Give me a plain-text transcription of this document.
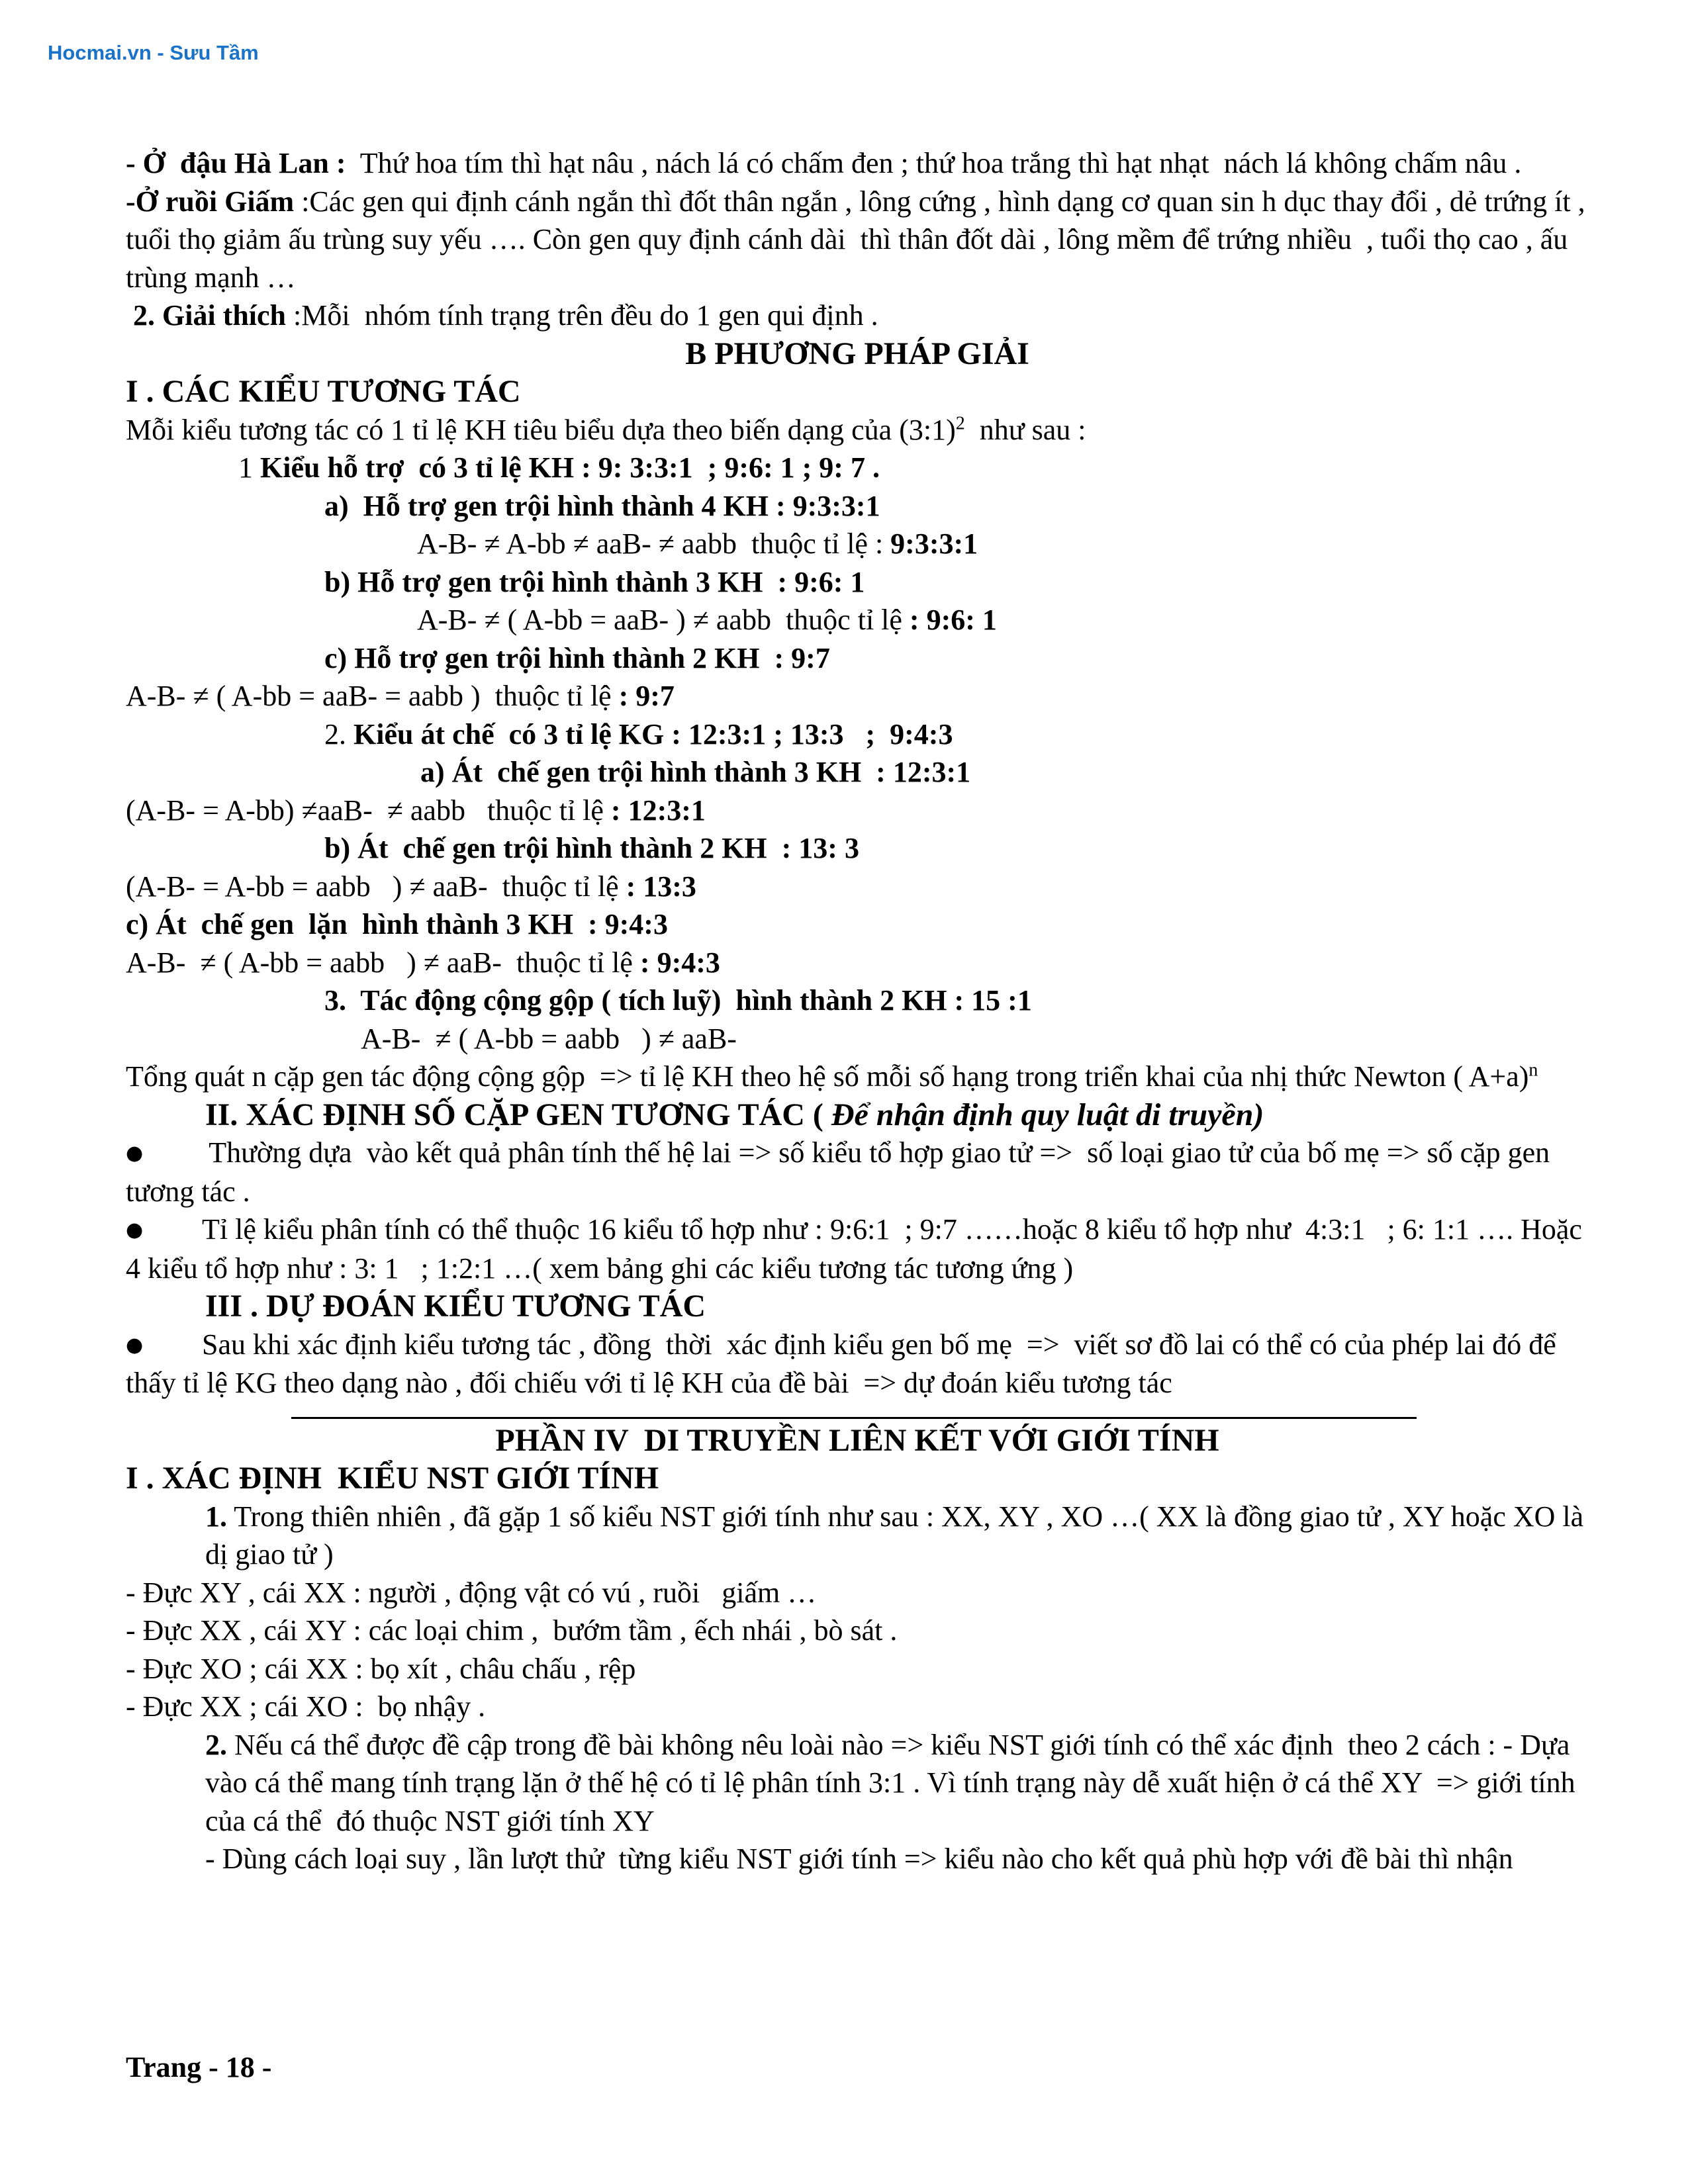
Hocmai.vn - Sưu Tầm

- Ở  đậu Hà Lan :  Thứ hoa tím thì hạt nâu , nách lá có chấm đen ; thứ hoa trắng thì hạt nhạt  nách lá không chấm nâu .

-Ở ruồi Giấm :Các gen qui định cánh ngắn thì đốt thân ngắn , lông cứng , hình dạng cơ quan sin h dục thay đổi , dẻ trứng ít , tuổi thọ giảm ấu trùng suy yếu …. Còn gen quy định cánh dài  thì thân đốt dài , lông mềm để trứng nhiều  , tuổi thọ cao , ấu trùng mạnh …

2. Giải thích :Mỗi  nhóm tính trạng trên đều do 1 gen qui định .

B PHƯƠNG PHÁP GIẢI

I . CÁC KIỂU TƯƠNG TÁC

Mỗi kiểu tương tác có 1 tỉ lệ KH tiêu biểu dựa theo biến dạng của (3:1)$^2$  như sau :

1 Kiểu hỗ trợ  có 3 tỉ lệ KH : 9: 3:3:1  ; 9:6: 1 ; 9: 7 .

a)  Hỗ trợ gen trội hình thành 4 KH : 9:3:3:1

A-B- ≠ A-bb ≠ aaB- ≠ aabb  thuộc tỉ lệ : 9:3:3:1

b) Hỗ trợ gen trội hình thành 3 KH  : 9:6: 1

A-B- ≠ ( A-bb = aaB- ) ≠ aabb  thuộc tỉ lệ : 9:6: 1

c) Hỗ trợ gen trội hình thành 2 KH  : 9:7

A-B- ≠ ( A-bb = aaB- = aabb )  thuộc tỉ lệ : 9:7

2. Kiểu át chế  có 3 tỉ lệ KG : 12:3:1 ; 13:3   ;  9:4:3

a) Át  chế gen trội hình thành 3 KH  : 12:3:1

(A-B- = A-bb) ≠aaB-  ≠ aabb   thuộc tỉ lệ : 12:3:1

b) Át  chế gen trội hình thành 2 KH  : 13: 3

(A-B- = A-bb = aabb   ) ≠ aaB-  thuộc tỉ lệ : 13:3

c) Át  chế gen  lặn  hình thành 3 KH  : 9:4:3

A-B-  ≠ ( A-bb = aabb   ) ≠ aaB-  thuộc tỉ lệ : 9:4:3

3.  Tác động cộng gộp ( tích luỹ)  hình thành 2 KH : 15 :1

A-B-  ≠ ( A-bb = aabb   ) ≠ aaB-

Tổng quát n cặp gen tác động cộng gộp  => tỉ lệ KH theo hệ số mỗi số hạng trong triển khai của nhị thức Newton ( A+a)$^n$

II. XÁC ĐỊNH SỐ CẶP GEN TƯƠNG TÁC ( Để nhận định quy luật di truyền)

● Thường dựa  vào kết quả phân tính thế hệ lai => số kiểu tổ hợp giao tử =>  số loại giao tử của bố mẹ => số cặp gen tương tác .

● Tỉ lệ kiểu phân tính có thể thuộc 16 kiểu tổ hợp như : 9:6:1  ; 9:7 ……hoặc 8 kiểu tổ hợp như  4:3:1   ; 6: 1:1 …. Hoặc 4 kiểu tổ hợp như : 3: 1   ; 1:2:1 …( xem bảng ghi các kiểu tương tác tương ứng )

III . DỰ ĐOÁN KIỂU TƯƠNG TÁC

● Sau khi xác định kiểu tương tác , đồng  thời  xác định kiểu gen bố mẹ  =>  viết sơ đồ lai có thể có của phép lai đó để thấy tỉ lệ KG theo dạng nào , đối chiếu với tỉ lệ KH của đề bài  => dự đoán kiểu tương tác

PHẦN IV  DI TRUYỀN LIÊN KẾT VỚI GIỚI TÍNH

I . XÁC ĐỊNH  KIỂU NST GIỚI TÍNH

1. Trong thiên nhiên , đã gặp 1 số kiểu NST giới tính như sau : XX, XY , XO …( XX là đồng giao tử , XY hoặc XO là dị giao tử )

- Đực XY , cái XX : người , động vật có vú , ruồi   giấm …

- Đực XX , cái XY : các loại chim ,  bướm tầm , ếch nhái , bò sát .

- Đực XO ; cái XX : bọ xít , châu chấu , rệp

- Đực XX ; cái XO :  bọ nhậy .

2. Nếu cá thể được đề cập trong đề bài không nêu loài nào => kiểu NST giới tính có thể xác định  theo 2 cách : - Dựa vào cá thể mang tính trạng lặn ở thế hệ có tỉ lệ phân tính 3:1 . Vì tính trạng này dễ xuất hiện ở cá thể XY  => giới tính của cá thể  đó thuộc NST giới tính XY

- Dùng cách loại suy , lần lượt thử  từng kiểu NST giới tính => kiểu nào cho kết quả phù hợp với đề bài thì nhận

Trang - 18 -
